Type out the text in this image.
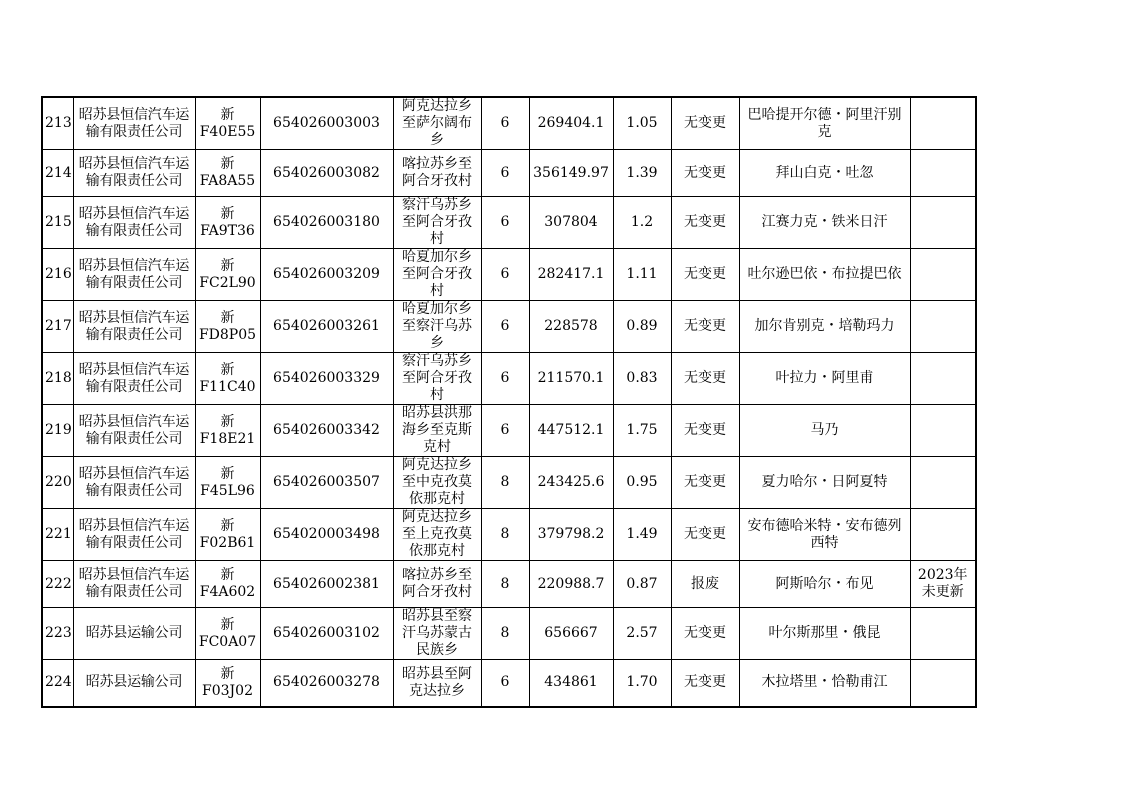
213	昭苏县恒信汽车运输有限责任公司	新F40E55	654026003003	阿克达拉乡至萨尔阔布乡	6	269404.1	1.05	无变更	巴哈提开尔德・阿里汗别克	
214	昭苏县恒信汽车运输有限责任公司	新FA8A55	654026003082	喀拉苏乡至阿合牙孜村	6	356149.97	1.39	无变更	拜山白克・吐忽	
215	昭苏县恒信汽车运输有限责任公司	新FA9T36	654026003180	察汗乌苏乡至阿合牙孜村	6	307804	1.2	无变更	江赛力克・铁米日汗	
216	昭苏县恒信汽车运输有限责任公司	新FC2L90	654026003209	哈夏加尔乡至阿合牙孜村	6	282417.1	1.11	无变更	吐尔逊巴依・布拉提巴依	
217	昭苏县恒信汽车运输有限责任公司	新FD8P05	654026003261	哈夏加尔乡至察汗乌苏乡	6	228578	0.89	无变更	加尔肯别克・培勒玛力	
218	昭苏县恒信汽车运输有限责任公司	新F11C40	654026003329	察汗乌苏乡至阿合牙孜村	6	211570.1	0.83	无变更	叶拉力・阿里甫	
219	昭苏县恒信汽车运输有限责任公司	新F18E21	654026003342	昭苏县洪那海乡至克斯克村	6	447512.1	1.75	无变更	马乃	
220	昭苏县恒信汽车运输有限责任公司	新F45L96	654026003507	阿克达拉乡至中克孜莫依那克村	8	243425.6	0.95	无变更	夏力哈尔・日阿夏特	
221	昭苏县恒信汽车运输有限责任公司	新F02B61	654020003498	阿克达拉乡至上克孜莫依那克村	8	379798.2	1.49	无变更	安布德哈米特・安布德列西特	
222	昭苏县恒信汽车运输有限责任公司	新F4A602	654026002381	喀拉苏乡至阿合牙孜村	8	220988.7	0.87	报废	阿斯哈尔・布见	2023年未更新
223	昭苏县运输公司	新FC0A07	654026003102	昭苏县至察汗乌苏蒙古民族乡	8	656667	2.57	无变更	叶尔斯那里・俄昆	
224	昭苏县运输公司	新F03J02	654026003278	昭苏县至阿克达拉乡	6	434861	1.70	无变更	木拉塔里・恰勒甫江	
